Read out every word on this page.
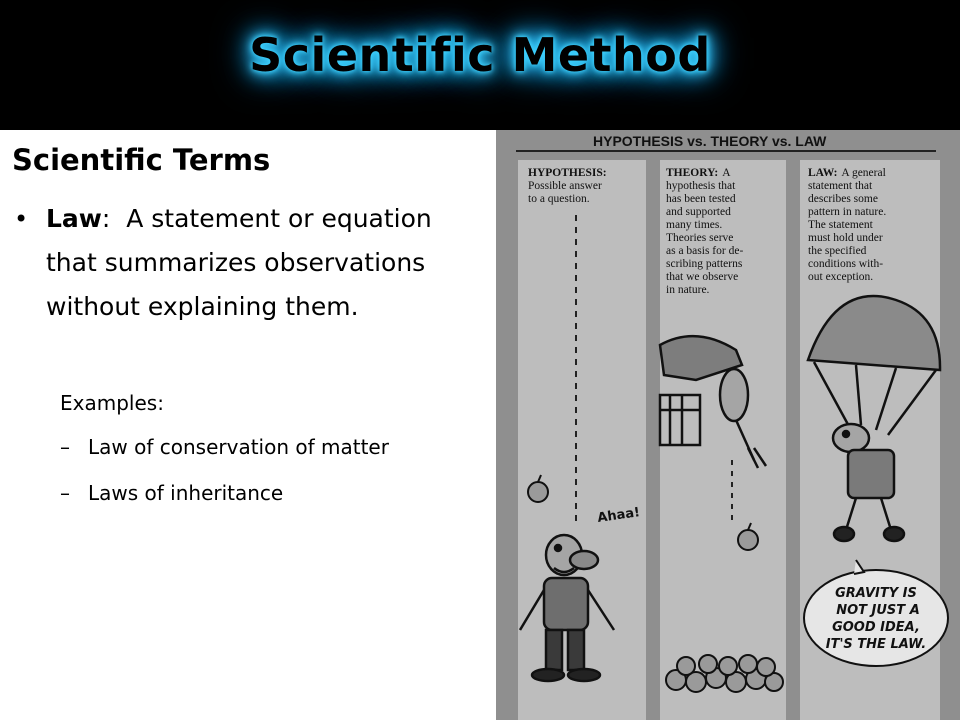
Scientific Method
Scientific Terms
• Law:  A statement or equation that summarizes observations without explaining them.
Examples:
– Law of conservation of matter
– Laws of inheritance
HYPOTHESIS vs. THEORY vs. LAW
HYPOTHESIS:
Possible answer
to a question.
THEORY: A
hypothesis that
has been tested
and supported
many times.
Theories serve
as a basis for de-
scribing patterns
that we observe
in nature.
LAW: A general
statement that
describes some
pattern in nature.
The statement
must hold under
the specified
conditions with-
out exception.
Ahaa!
GRAVITY IS
NOT JUST A
GOOD IDEA,
IT'S THE LAW.
